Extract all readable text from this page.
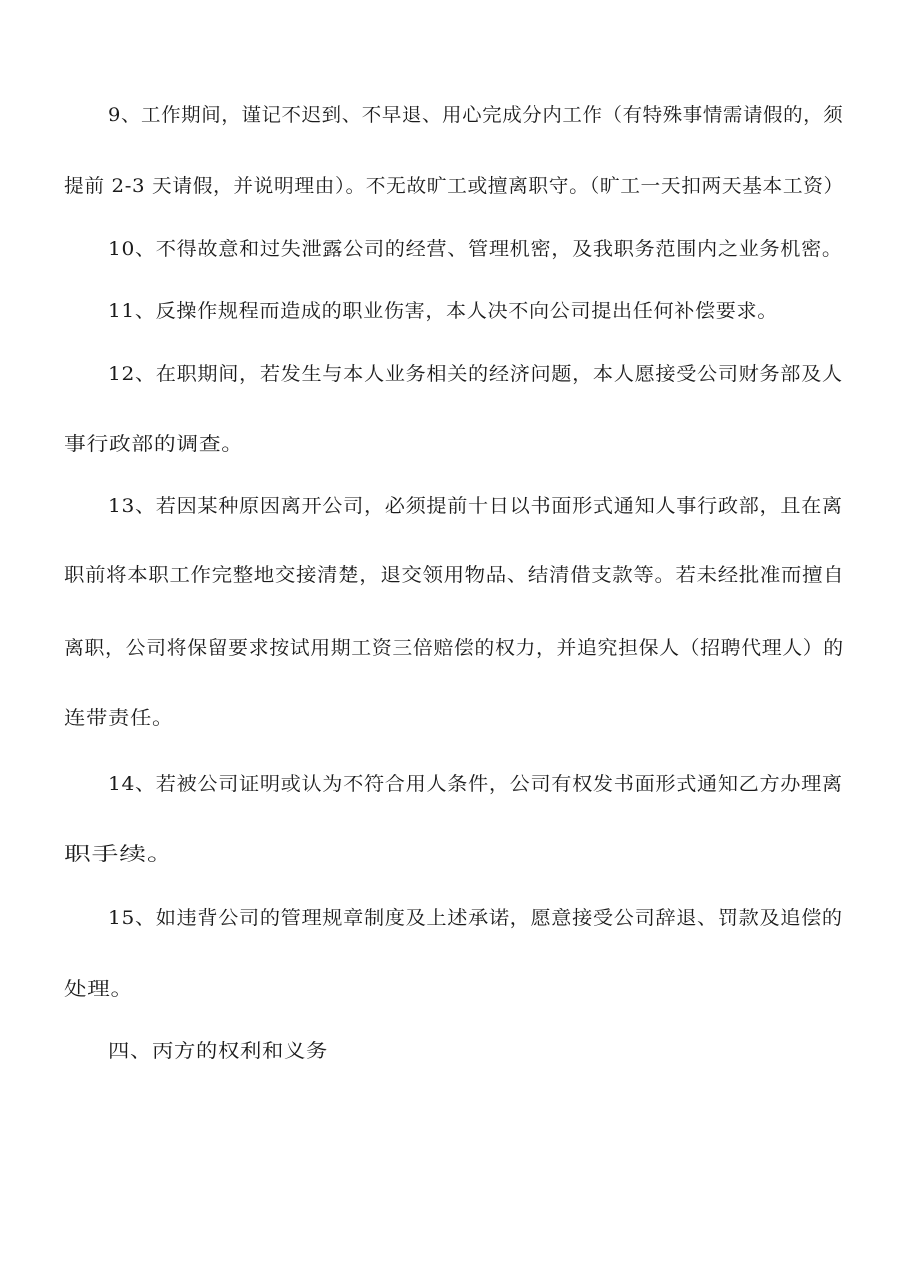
9、工作期间，谨记不迟到、不早退、用心完成分内工作（有特殊事情需请假的，须
提前 2-3 天请假，并说明理由）。不无故旷工或擅离职守。（旷工一天扣两天基本工资）
10、不得故意和过失泄露公司的经营、管理机密，及我职务范围内之业务机密。
11、反操作规程而造成的职业伤害，本人决不向公司提出任何补偿要求。
12、在职期间，若发生与本人业务相关的经济问题，本人愿接受公司财务部及人
事行政部的调查。
13、若因某种原因离开公司，必须提前十日以书面形式通知人事行政部，且在离
职前将本职工作完整地交接清楚，退交领用物品、结清借支款等。若未经批准而擅自
离职，公司将保留要求按试用期工资三倍赔偿的权力，并追究担保人（招聘代理人）的
连带责任。
14、若被公司证明或认为不符合用人条件，公司有权发书面形式通知乙方办理离
职手续。
15、如违背公司的管理规章制度及上述承诺，愿意接受公司辞退、罚款及追偿的
处理。
四、丙方的权利和义务
